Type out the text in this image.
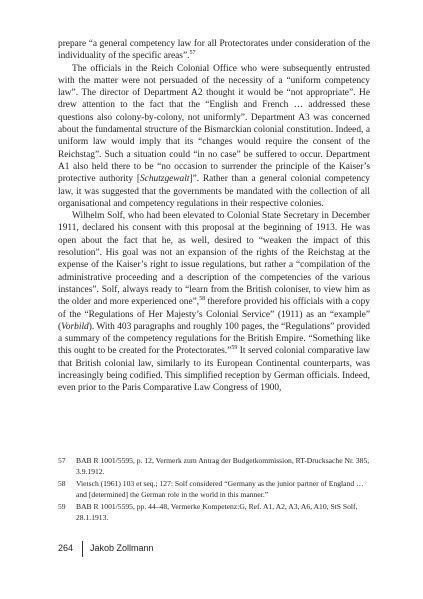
prepare “a general competency law for all Protectorates under consideration of the individuality of the specific areas”.$^{57}$

The officials in the Reich Colonial Office who were subsequently entrusted with the matter were not persuaded of the necessity of a “uniform competency law”. The director of Department A2 thought it would be “not appropriate”. He drew attention to the fact that the “English and French … addressed these questions also colony-by-colony, not uniformly”. Department A3 was concerned about the fundamental structure of the Bismarckian colonial constitution. Indeed, a uniform law would imply that its “changes would require the consent of the Reichstag”. Such a situation could “in no case” be suffered to occur. Department A1 also held there to be “no occasion to surrender the principle of the Kaiser’s protective authority [Schutzgewalt]”. Rather than a general colonial competency law, it was suggested that the governments be mandated with the collection of all organisational and competency regulations in their respective colonies.

Wilhelm Solf, who had been elevated to Colonial State Secretary in December 1911, declared his consent with this proposal at the beginning of 1913. He was open about the fact that he, as well, desired to “weaken the impact of this resolution”. His goal was not an expansion of the rights of the Reichstag at the expense of the Kaiser’s right to issue regulations, but rather a “compilation of the administrative proceeding and a description of the competencies of the various instances”. Solf, always ready to “learn from the British coloniser, to view him as the older and more experienced one”,$^{58}$ therefore provided his officials with a copy of the “Regulations of Her Majesty’s Colonial Service” (1911) as an “example” (Vorbild). With 403 paragraphs and roughly 100 pages, the “Regulations” provided a summary of the competency regulations for the British Empire. “Something like this ought to be created for the Protectorates.”$^{59}$ It served colonial comparative law that British colonial law, similarly to its European Continental counterparts, was increasingly being codified. This simplified reception by German officials. Indeed, even prior to the Paris Comparative Law Congress of 1900,

57 BAB R 1001/5595, p. 12, Vermerk zum Antrag der Budgetkommission, RT-Drucksache Nr. 385, 3.9.1912.
58 Vietsch (1961) 103 et seq.; 127: Solf considered “Germany as the junior partner of England … and [determined] the German role in the world in this manner.”
59 BAB R 1001/5595, pp. 44–48, Vermerke Kompetenz:G, Ref. A1, A2, A3, A6, A10, StS Solf, 28.1.1913.
264 Jakob Zollmann
